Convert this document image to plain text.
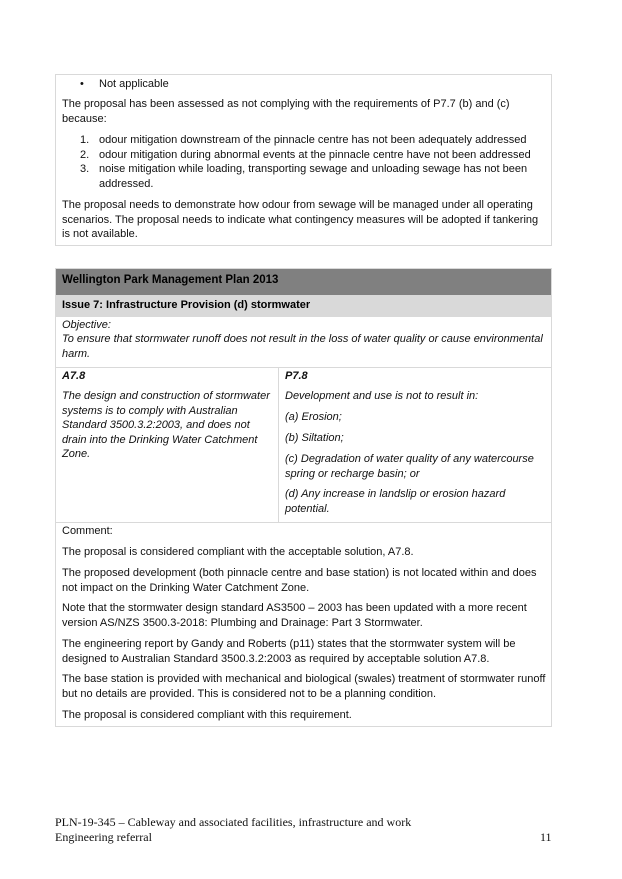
• Not applicable
The proposal has been assessed as not complying with the requirements of P7.7 (b) and (c) because:
1. odour mitigation downstream of the pinnacle centre has not been adequately addressed
2. odour mitigation during abnormal events at the pinnacle centre have not been addressed
3. noise mitigation while loading, transporting sewage and unloading sewage has not been addressed.
The proposal needs to demonstrate how odour from sewage will be managed under all operating scenarios. The proposal needs to indicate what contingency measures will be adopted if tankering is not available.
Wellington Park Management Plan 2013
Issue 7: Infrastructure Provision (d) stormwater
Objective:
To ensure that stormwater runoff does not result in the loss of water quality or cause environmental harm.
A7.8
The design and construction of stormwater systems is to comply with Australian Standard 3500.3.2:2003, and does not drain into the Drinking Water Catchment Zone.
P7.8
Development and use is not to result in:
(a) Erosion;
(b) Siltation;
(c) Degradation of water quality of any watercourse spring or recharge basin; or
(d) Any increase in landslip or erosion hazard potential.
Comment:
The proposal is considered compliant with the acceptable solution, A7.8.
The proposed development (both pinnacle centre and base station) is not located within and does not impact on the Drinking Water Catchment Zone.
Note that the stormwater design standard AS3500 – 2003 has been updated with a more recent version AS/NZS 3500.3-2018: Plumbing and Drainage: Part 3 Stormwater.
The engineering report by Gandy and Roberts (p11) states that the stormwater system will be designed to Australian Standard 3500.3.2:2003 as required by acceptable solution A7.8.
The base station is provided with mechanical and biological (swales) treatment of stormwater runoff but no details are provided. This is considered not to be a planning condition.
The proposal is considered compliant with this requirement.
PLN-19-345 – Cableway and associated facilities, infrastructure and work
Engineering referral	11
